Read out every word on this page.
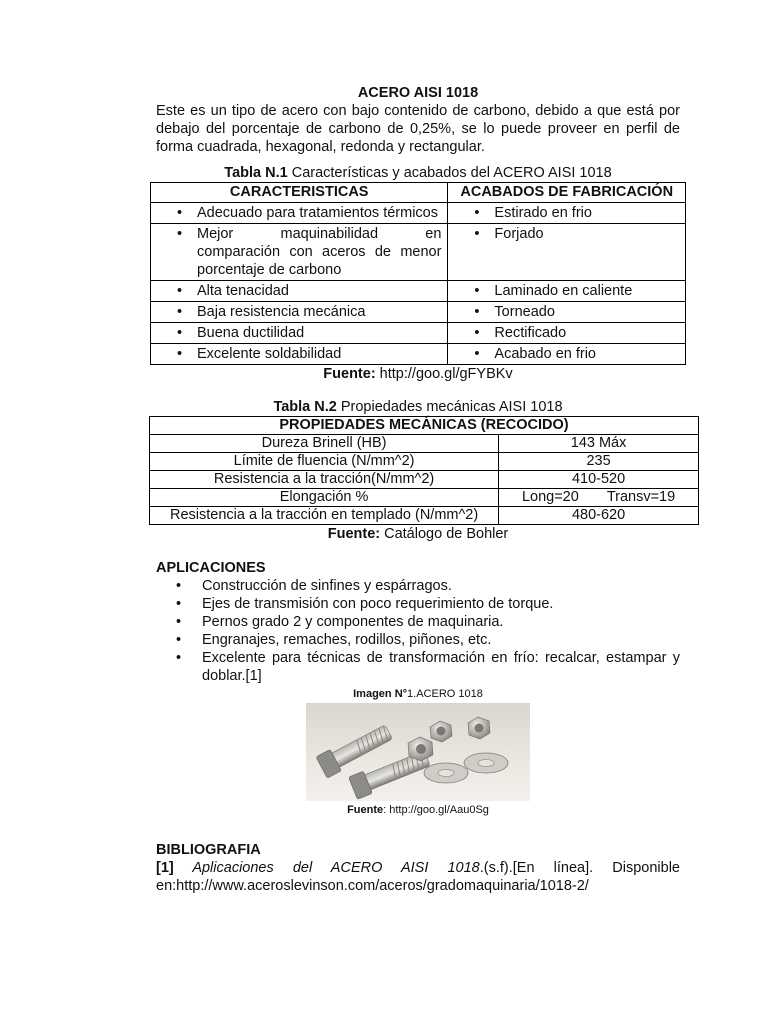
ACERO AISI 1018

Este es un tipo de acero con bajo contenido de carbono, debido a que está por debajo del porcentaje de carbono de 0,25%, se lo puede proveer en perfil de forma cuadrada, hexagonal, redonda y rectangular.

Tabla N.1 Características y acabados del ACERO AISI 1018

CARACTERISTICAS	ACABADOS DE FABRICACIÓN

• Adecuado para tratamientos térmicos	• Estirado en frio

• Mejor maquinabilidad en comparación con aceros de menor porcentaje de carbono	• Forjado

• Alta tenacidad	• Laminado en caliente

• Baja resistencia mecánica	• Torneado

• Buena ductilidad	• Rectificado

• Excelente soldabilidad	• Acabado en frio

Fuente: http://goo.gl/gFYBKv

Tabla N.2 Propiedades mecánicas AISI 1018

PROPIEDADES MECÁNICAS (RECOCIDO)	
Dureza Brinell (HB)	143 Máx
Límite de fluencia (N/mm^2)	235
Resistencia a la tracción(N/mm^2)	410-520
Elongación %	Long=20 Transv=19

Resistencia a la tracción en templado (N/mm^2)	480-620

Fuente: Catálogo de Bohler

APLICACIONES
•	Construcción de sinfines y espárragos.
•	Ejes de transmisión con poco requerimiento de torque.
•	Pernos grado 2 y componentes de maquinaria.
•	Engranajes, remaches, rodillos, piñones, etc.
•	Excelente para técnicas de transformación en frío: recalcar, estampar y doblar.[1]

Imagen N°1.ACERO 1018

Fuente: http://goo.gl/Aau0Sg

BIBLIOGRAFIA

[1] Aplicaciones del ACERO AISI 1018.(s.f).[En línea]. Disponible en:http://www.aceroslevinson.com/aceros/gradomaquinaria/1018-2/
